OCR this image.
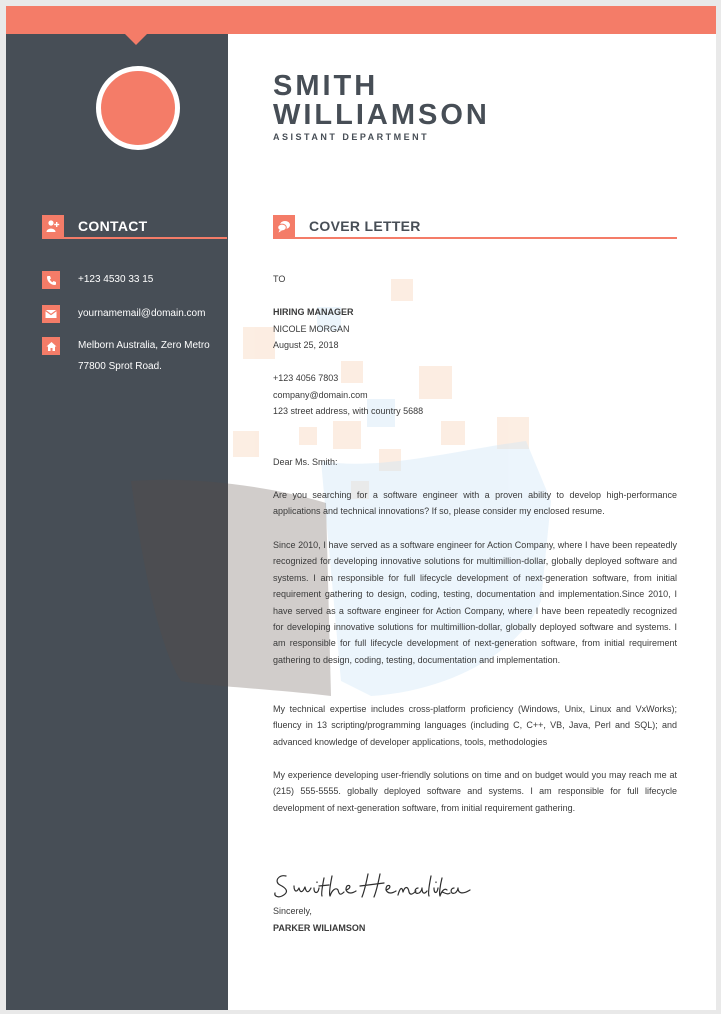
CONTACT
+123 4530 33 15
yournamemail@domain.com
Melborn Australia, Zero Metro
77800 Sprot Road.
SMITH
WILLIAMSON
ASISTANT DEPARTMENT
COVER LETTER
TO
HIRING MANAGER
NICOLE MORGAN
August 25, 2018
+123 4056 7803
company@domain.com
123 street address, with country 5688
Dear Ms. Smith:
Are you searching for a software engineer with a proven ability to develop high-performance applications and technical innovations? If so, please consider my enclosed resume.
Since 2010, I have served as a software engineer for Action Company, where I have been repeatedly recognized for developing innovative solutions for multimillion-dollar, globally deployed software and systems. I am responsible for full lifecycle development of next-generation software, from initial requirement gathering to design, coding, testing, documentation and implementation.Since 2010, I have served as a software engineer for Action Company, where I have been repeatedly recognized for developing innovative solutions for multimillion-dollar, globally deployed software and systems. I am responsible for full lifecycle development of next-generation software, from initial requirement gathering to design, coding, testing, documentation and implementation.
My technical expertise includes cross-platform proficiency (Windows, Unix, Linux and VxWorks); fluency in 13 scripting/programming languages (including C, C++, VB, Java, Perl and SQL); and advanced knowledge of developer applications, tools, methodologies
My experience developing user-friendly solutions on time and on budget would you may reach me at (215) 555-5555. globally deployed software and systems. I am responsible for full lifecycle development of next-generation software, from initial requirement gathering.
Sincerely,
PARKER WILIAMSON
